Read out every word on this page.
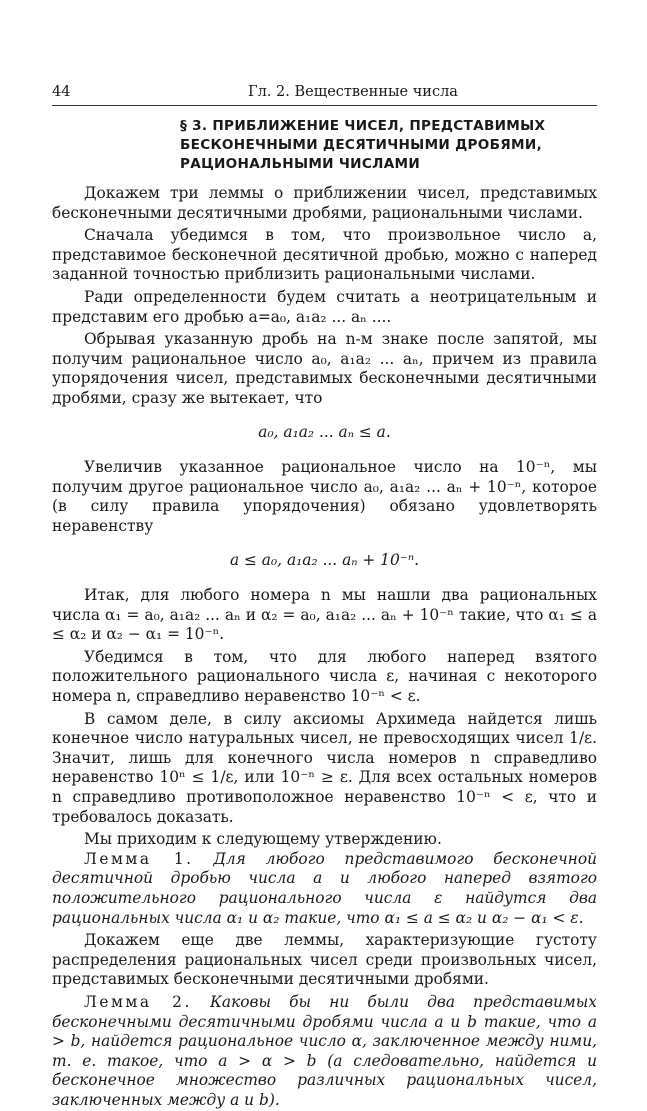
44	Гл. 2. Вещественные числа
§ 3. ПРИБЛИЖЕНИЕ ЧИСЕЛ, ПРЕДСТАВИМЫХ
БЕСКОНЕЧНЫМИ ДЕСЯТИЧНЫМИ ДРОБЯМИ,
РАЦИОНАЛЬНЫМИ ЧИСЛАМИ

Докажем три леммы о приближении чисел, представимых бесконечными десятичными дробями, рациональными числами.

Сначала убедимся в том, что произвольное число a, представимое бесконечной десятичной дробью, можно с наперед заданной точностью приблизить рациональными числами.

Ради определенности будем считать a неотрицательным и представим его дробью a=a₀, a₁a₂ ... aₙ ....

Обрывая указанную дробь на n-м знаке после запятой, мы получим рациональное число a₀, a₁a₂ ... aₙ, причем из правила упорядочения чисел, представимых бесконечными десятичными дробями, сразу же вытекает, что

a₀, a₁a₂ ... aₙ ≤ a.

Увеличив указанное рациональное число на 10⁻ⁿ, мы получим другое рациональное число a₀, a₁a₂ ... aₙ + 10⁻ⁿ, которое (в силу правила упорядочения) обязано удовлетворять неравенству

a ≤ a₀, a₁a₂ ... aₙ + 10⁻ⁿ.

Итак, для любого номера n мы нашли два рациональных числа α₁ = a₀, a₁a₂ ... aₙ и α₂ = a₀, a₁a₂ ... aₙ + 10⁻ⁿ такие, что α₁ ≤ a ≤ α₂ и α₂ − α₁ = 10⁻ⁿ.

Убедимся в том, что для любого наперед взятого положительного рационального числа ε, начиная с некоторого номера n, справедливо неравенство 10⁻ⁿ < ε.

В самом деле, в силу аксиомы Архимеда найдется лишь конечное число натуральных чисел, не превосходящих чисел 1/ε. Значит, лишь для конечного числа номеров n справедливо неравенство 10ⁿ ≤ 1/ε, или 10⁻ⁿ ≥ ε. Для всех остальных номеров n справедливо противоположное неравенство 10⁻ⁿ < ε, что и требовалось доказать.

Мы приходим к следующему утверждению.

Лемма 1. Для любого представимого бесконечной десятичной дробью числа a и любого наперед взятого положительного рационального числа ε найдутся два рациональных числа α₁ и α₂ такие, что α₁ ≤ a ≤ α₂ и α₂ − α₁ < ε.

Докажем еще две леммы, характеризующие густоту распределения рациональных чисел среди произвольных чисел, представимых бесконечными десятичными дробями.

Лемма 2. Каковы бы ни были два представимых бесконечными десятичными дробями числа a и b такие, что a > b, найдется рациональное число α, заключенное между ними, т. е. такое, что a > α > b (а следовательно, найдется и бесконечное множество различных рациональных чисел, заключенных между a и b).
